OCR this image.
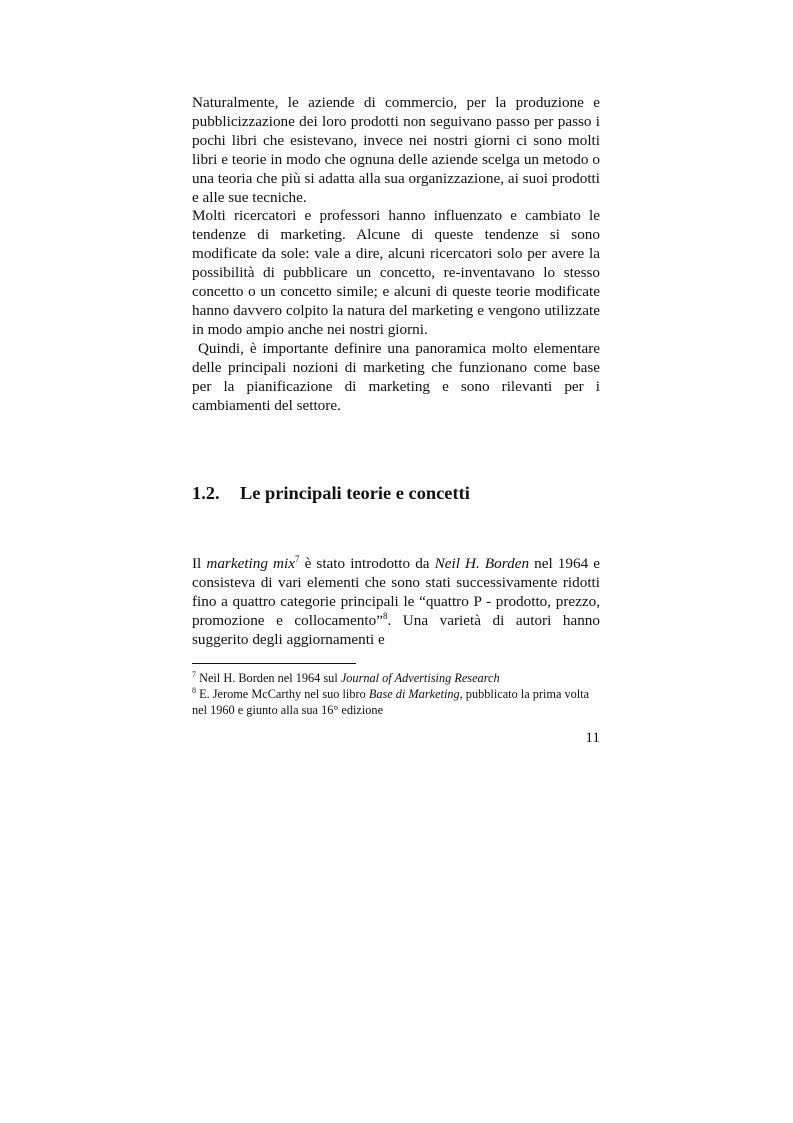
Naturalmente, le aziende di commercio, per la produzione e pubblicizzazione dei loro prodotti non seguivano passo per passo i pochi libri che esistevano, invece nei nostri giorni ci sono molti libri e teorie in modo che ognuna delle aziende scelga un metodo o una teoria che più si adatta alla sua organizzazione, ai suoi prodotti e alle sue tecniche.

Molti ricercatori e professori hanno influenzato e cambiato le tendenze di marketing. Alcune di queste tendenze si sono modificate da sole: vale a dire, alcuni ricercatori solo per avere la possibilità di pubblicare un concetto, re-inventavano lo stesso concetto o un concetto simile; e alcuni di queste teorie modificate hanno davvero colpito la natura del marketing e vengono utilizzate in modo ampio anche nei nostri giorni.

Quindi, è importante definire una panoramica molto elementare delle principali nozioni di marketing che funzionano come base per la pianificazione di marketing e sono rilevanti per i cambiamenti del settore.

1.2. Le principali teorie e concetti

Il marketing mix$^7$ è stato introdotto da Neil H. Borden nel 1964 e consisteva di vari elementi che sono stati successivamente ridotti fino a quattro categorie principali le “quattro P - prodotto, prezzo, promozione e collocamento”$^8$. Una varietà di autori hanno suggerito degli aggiornamenti e

$^7$ Neil H. Borden nel 1964 sul Journal of Advertising Research

$^8$ E. Jerome McCarthy nel suo libro Base di Marketing, pubblicato la prima volta nel 1960 e giunto alla sua 16° edizione

11
